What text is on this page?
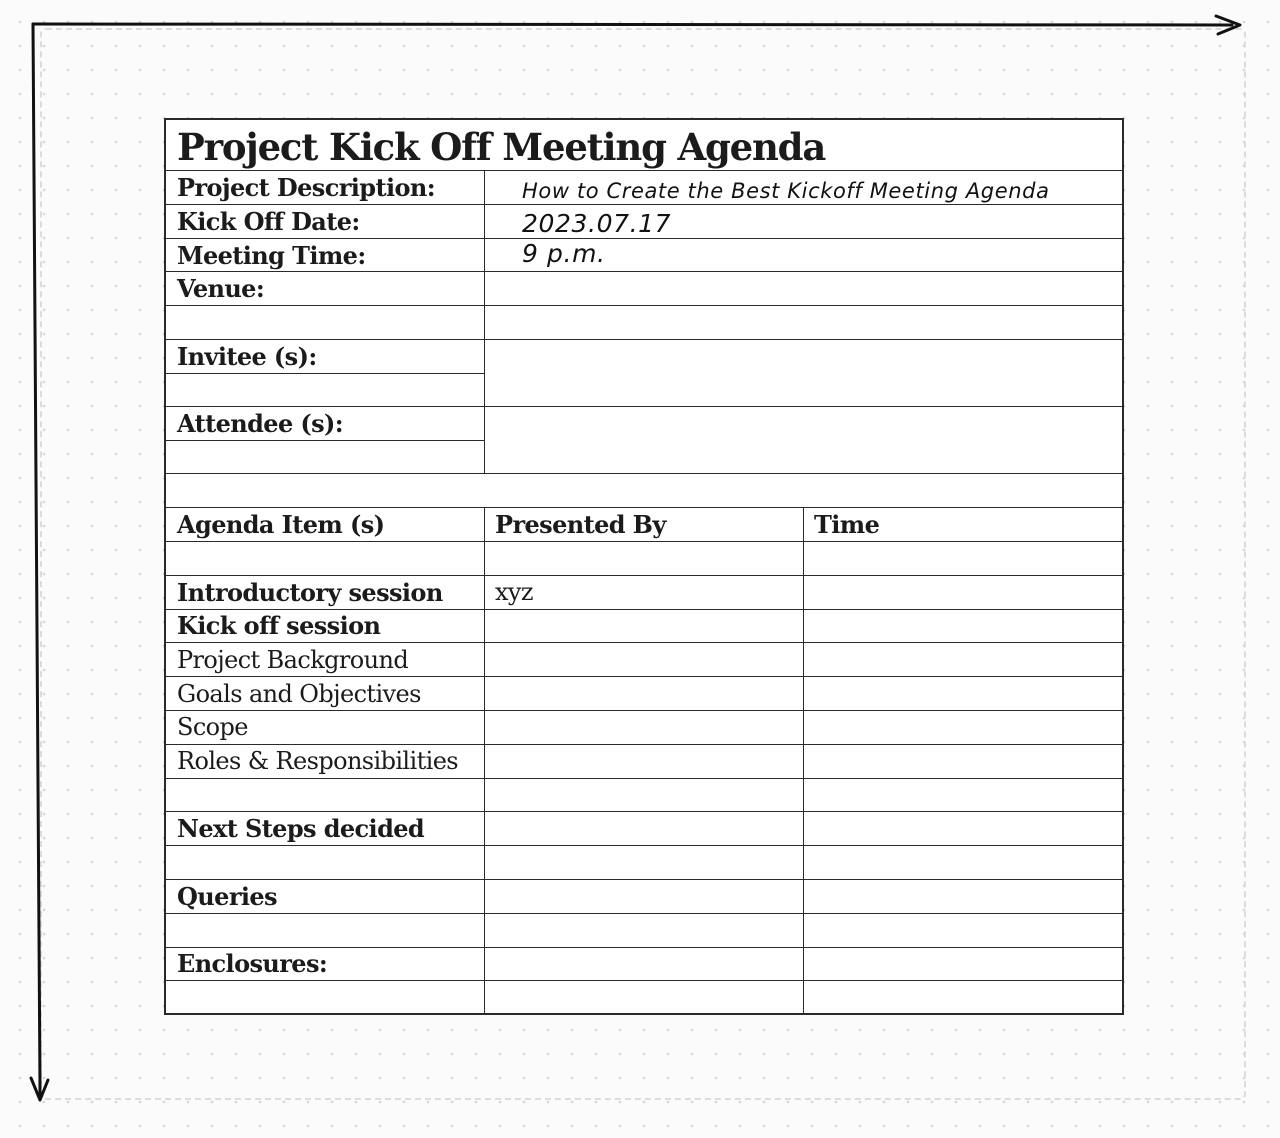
Project Kick Off Meeting Agenda
Project Description:	How to Create the Best Kickoff Meeting Agenda
Kick Off Date:	2023.07.17
Meeting Time:	9 p.m.
Venue:
Invitee (s):
Attendee (s):
Agenda Item (s)	Presented By	Time
Introductory session	xyz
Kick off session
Project Background
Goals and Objectives
Scope
Roles & Responsibilities
Next Steps decided
Queries
Enclosures:
